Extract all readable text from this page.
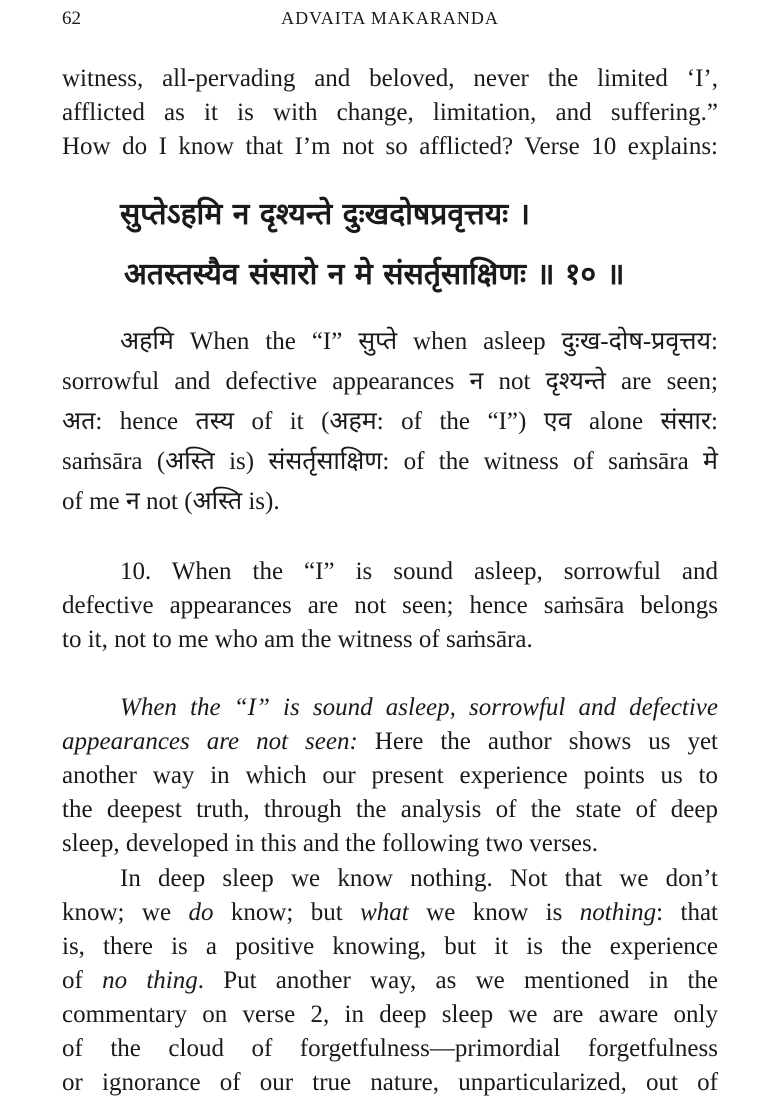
62	ADVAITA MAKARANDA
सुप्तेऽहमि न दृश्यन्ते दुःखदोषप्रवृत्तयः ।
अतस्तस्यैव संसारो न मे संसर्तृसाक्षिणः ॥ १० ॥
witness, all-pervading and beloved, never the limited ‘I’,
afflicted as it is with change, limitation, and suffering.”
How do I know that I’m not so afflicted? Verse 10 explains:
अहमि When the “I” सुप्ते when asleep दुःख-दोष-प्रवृत्तय:
sorrowful and defective appearances न not दृश्यन्ते are seen;
अत: hence तस्य of it (अहम: of the “I”) एव alone संसार:
saṁsāra (अस्ति is) संसर्तृसाक्षिण: of the witness of saṁsāra मे
of me न not (अस्ति is).
10. When the “I” is sound asleep, sorrowful and
defective appearances are not seen; hence saṁsāra belongs
to it, not to me who am the witness of saṁsāra.
When the “I” is sound asleep, sorrowful and defective
appearances are not seen: Here the author shows us yet
another way in which our present experience points us to
the deepest truth, through the analysis of the state of deep
sleep, developed in this and the following two verses.
In deep sleep we know nothing. Not that we don’t
know; we do know; but what we know is nothing: that
is, there is a positive knowing, but it is the experience
of no thing. Put another way, as we mentioned in the
commentary on verse 2, in deep sleep we are aware only
of the cloud of forgetfulness—primordial forgetfulness
or ignorance of our true nature, unparticularized, out of
